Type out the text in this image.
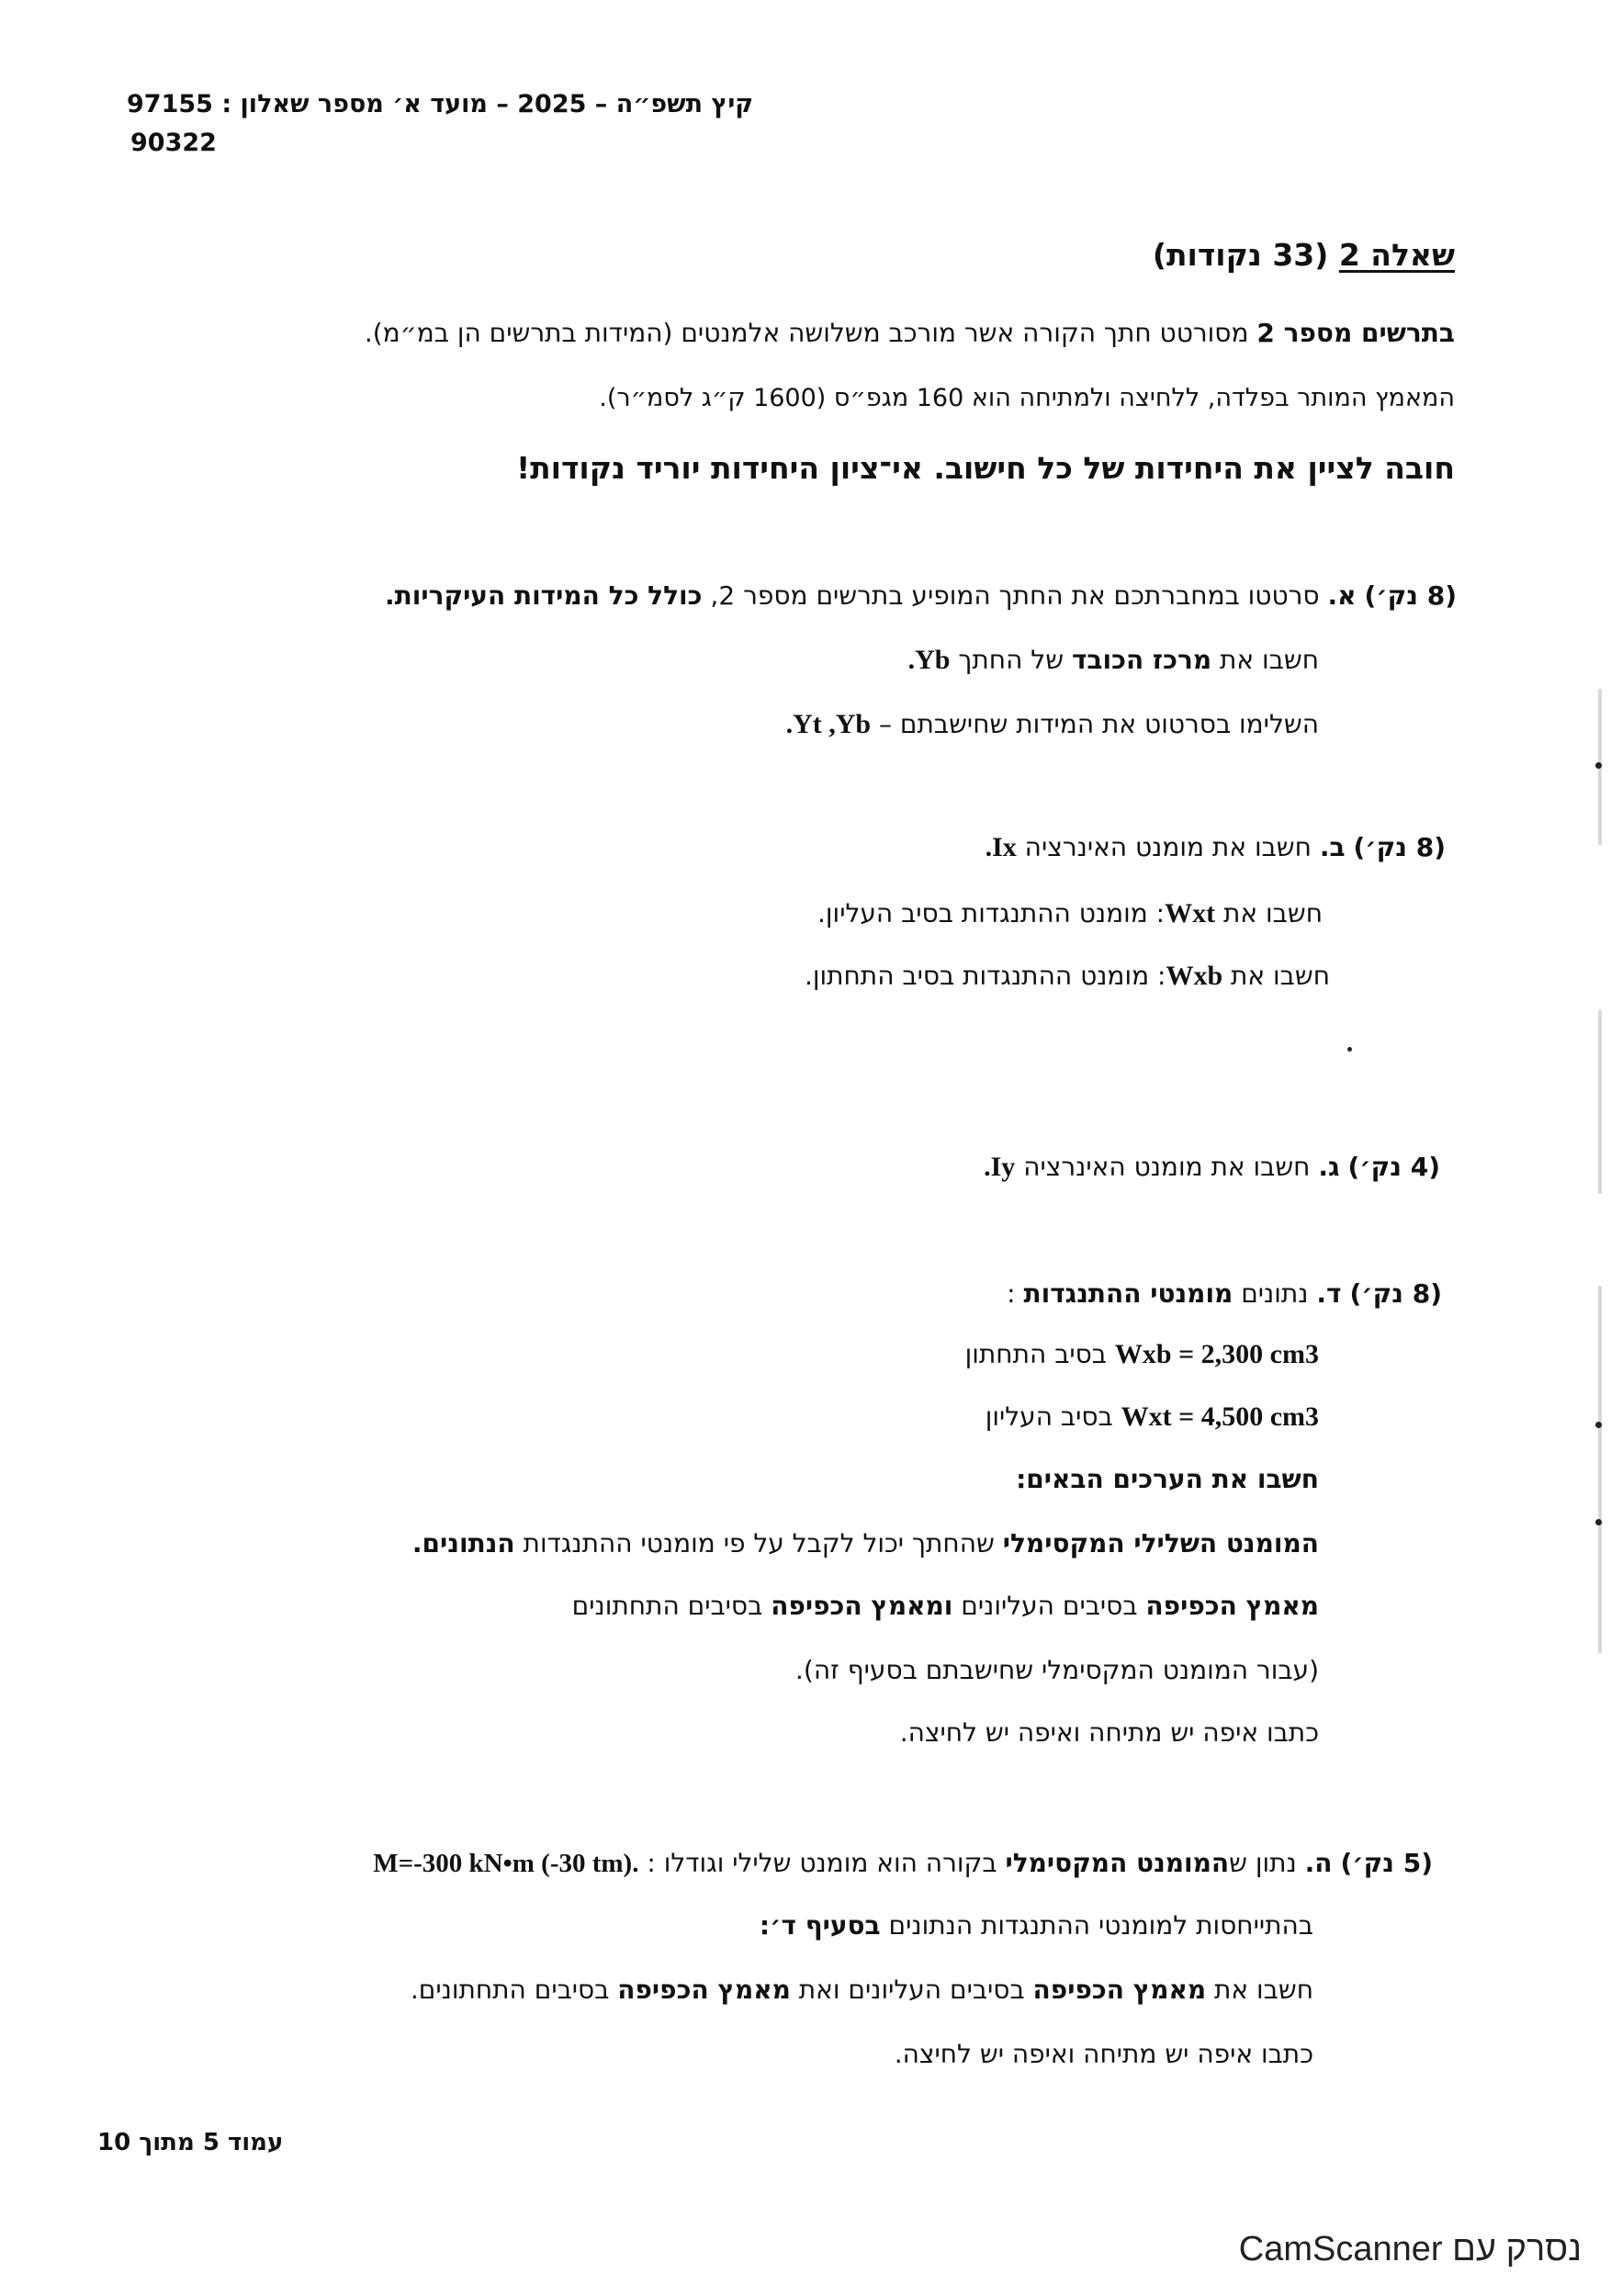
קיץ תשפ״ה – 2025 – מועד א׳ מספר שאלון : 97155
90322
שאלה 2 (33 נקודות)
בתרשים מספר 2 מסורטט חתך הקורה אשר מורכב משלושה אלמנטים (המידות בתרשים הן במ״מ).
המאמץ המותר בפלדה, ללחיצה ולמתיחה הוא 160 מגפ״ס (1600 ק״ג לסמ״ר).
חובה לציין את היחידות של כל חישוב. אי־ציון היחידות יוריד נקודות!
(8 נק׳) א. סרטטו במחברתכם את החתך המופיע בתרשים מספר 2, כולל כל המידות העיקריות.
חשבו את מרכז הכובד של החתך Yb.
השלימו בסרטוט את המידות שחישבתם – Yt ,Yb.
(8 נק׳) ב. חשבו את מומנט האינרציה Ix.
חשבו את Wxt: מומנט ההתנגדות בסיב העליון.
חשבו את Wxb: מומנט ההתנגדות בסיב התחתון.
(4 נק׳) ג. חשבו את מומנט האינרציה Iy.
(8 נק׳) ד. נתונים מומנטי ההתנגדות :
Wxb = 2,300 cm3 בסיב התחתון
Wxt = 4,500 cm3 בסיב העליון
חשבו את הערכים הבאים:
המומנט השלילי המקסימלי שהחתך יכול לקבל על פי מומנטי ההתנגדות הנתונים.
מאמץ הכפיפה בסיבים העליונים ומאמץ הכפיפה בסיבים התחתונים
(עבור המומנט המקסימלי שחישבתם בסעיף זה).
כתבו איפה יש מתיחה ואיפה יש לחיצה.
(5 נק׳) ה. נתון שהמומנט המקסימלי בקורה הוא מומנט שלילי וגודלו : M=-300 kN•m (-30 tm).
בהתייחסות למומנטי ההתנגדות הנתונים בסעיף ד׳:
חשבו את מאמץ הכפיפה בסיבים העליונים ואת מאמץ הכפיפה בסיבים התחתונים.
כתבו איפה יש מתיחה ואיפה יש לחיצה.
עמוד 5 מתוך 10
נסרק עם CamScanner
